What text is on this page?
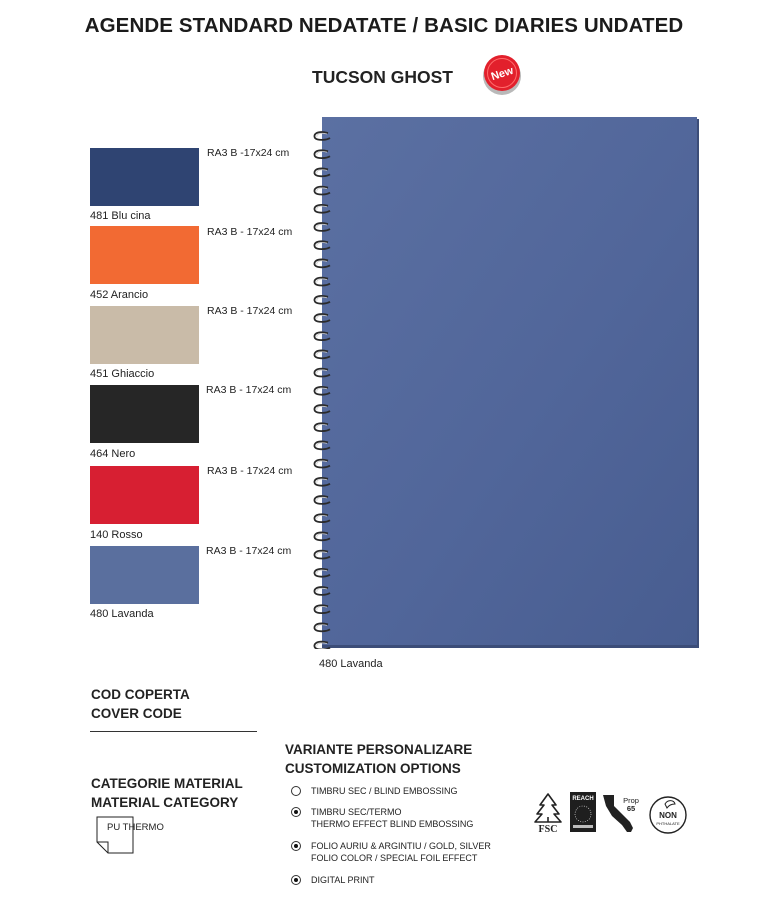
AGENDE STANDARD NEDATATE / BASIC DIARIES UNDATED
TUCSON GHOST	New
RA3 B -17x24 cm
481 Blu cina
RA3 B - 17x24 cm
452 Arancio
RA3 B - 17x24 cm
451 Ghiaccio
RA3 B - 17x24 cm
464 Nero
RA3 B - 17x24 cm
140 Rosso
RA3 B - 17x24 cm
480 Lavanda
480 Lavanda
COD COPERTA
COVER CODE
CATEGORIE MATERIAL
MATERIAL CATEGORY
PU THERMO
VARIANTE PERSONALIZARE
CUSTOMIZATION OPTIONS
TIMBRU SEC / BLIND EMBOSSING
TIMBRU SEC/TERMO
THERMO EFFECT BLIND EMBOSSING
FOLIO AURIU & ARGINTIU / GOLD, SILVER
FOLIO COLOR / SPECIAL FOIL EFFECT
DIGITAL PRINT
FSC
REACH	Prop
65
NON
PHTHALATE
